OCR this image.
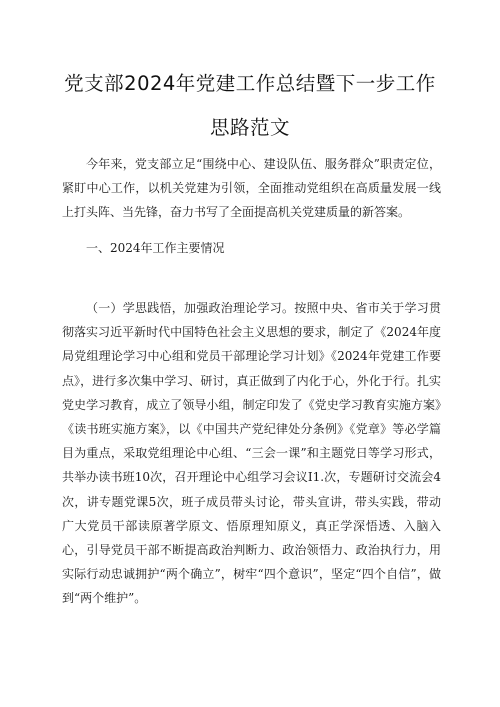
党支部2024年党建工作总结暨下一步工作
思路范文

今年来，党支部立足“围绕中心、建设队伍、服务群众”职责定位，紧盯中心工作，以机关党建为引领，全面推动党组织在高质量发展一线上打头阵、当先锋，奋力书写了全面提高机关党建质量的新答案。

一、2024年工作主要情况

（一）学思践悟，加强政治理论学习。按照中央、省市关于学习贯彻落实习近平新时代中国特色社会主义思想的要求，制定了《2024年度局党组理论学习中心组和党员干部理论学习计划》《2024年党建工作要点》，进行多次集中学习、研讨，真正做到了内化于心，外化于行。扎实党史学习教育，成立了领导小组，制定印发了《党史学习教育实施方案》《读书班实施方案》，以《中国共产党纪律处分条例》《党章》等必学篇目为重点，采取党组理论中心组、“三会一课”和主题党日等学习形式，共举办读书班10次，召开理论中心组学习会议I1.次，专题研讨交流会4次，讲专题党课5次，班子成员带头讨论，带头宣讲，带头实践，带动广大党员干部读原著学原文、悟原理知原义，真正学深悟透、入脑入心，引导党员干部不断提高政治判断力、政治领悟力、政治执行力，用实际行动忠诚拥护“两个确立”，树牢“四个意识”，坚定“四个自信”，做到“两个维护”。
